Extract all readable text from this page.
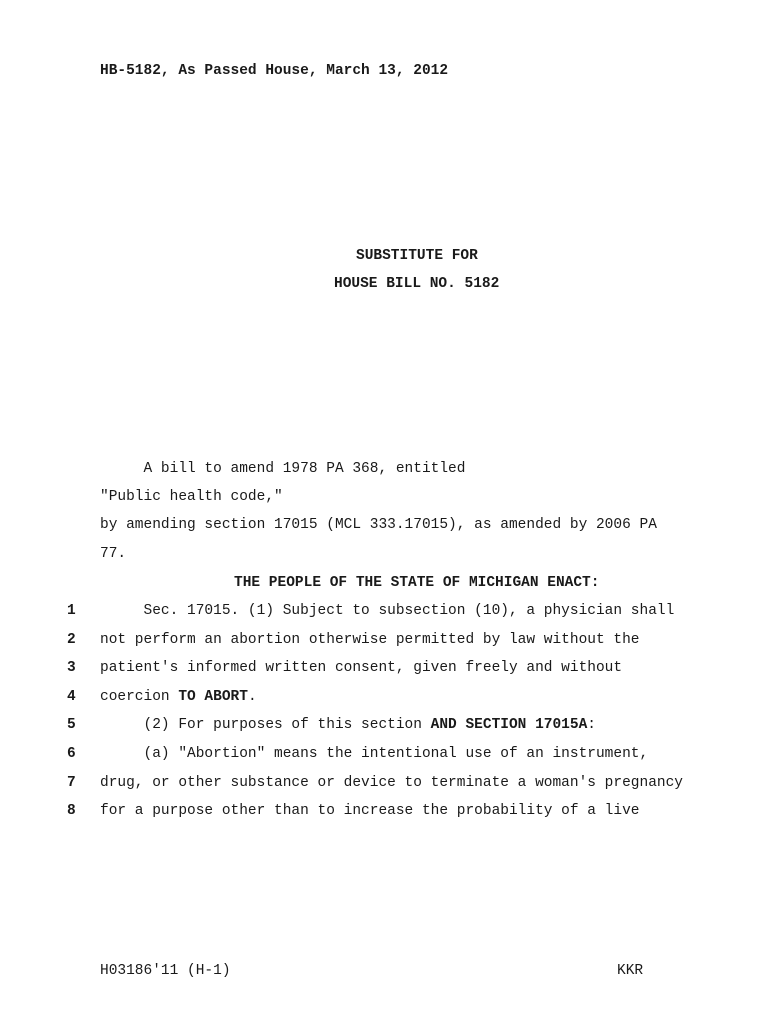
HB-5182, As Passed House, March 13, 2012
SUBSTITUTE FOR
HOUSE BILL NO. 5182
A bill to amend 1978 PA 368, entitled
"Public health code,"
by amending section 17015 (MCL 333.17015), as amended by 2006 PA
77.
THE PEOPLE OF THE STATE OF MICHIGAN ENACT:
1 Sec. 17015. (1) Subject to subsection (10), a physician shall
2 not perform an abortion otherwise permitted by law without the
3 patient's informed written consent, given freely and without
4 coercion TO ABORT.
5 (2) For purposes of this section AND SECTION 17015A:
6 (a) "Abortion" means the intentional use of an instrument,
7 drug, or other substance or device to terminate a woman's pregnancy
8 for a purpose other than to increase the probability of a live
H03186'11 (H-1)	KKR
